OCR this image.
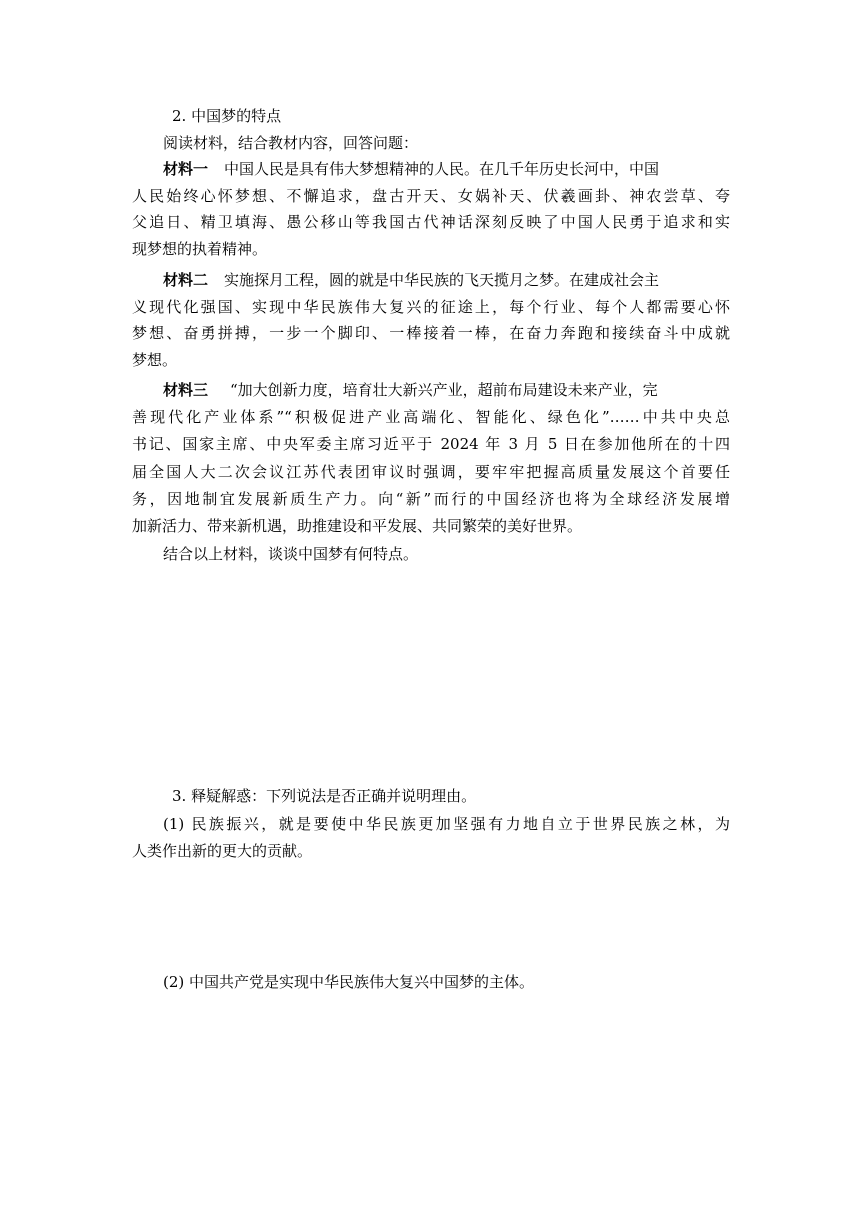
2. 中国梦的特点
阅读材料，结合教材内容，回答问题：
材料一 中国人民是具有伟大梦想精神的人民。在几千年历史长河中，中国
人民始终心怀梦想、不懈追求，盘古开天、女娲补天、伏羲画卦、神农尝草、夸
父追日、精卫填海、愚公移山等我国古代神话深刻反映了中国人民勇于追求和实
现梦想的执着精神。
材料二 实施探月工程，圆的就是中华民族的飞天揽月之梦。在建成社会主
义现代化强国、实现中华民族伟大复兴的征途上，每个行业、每个人都需要心怀
梦想、奋勇拼搏，一步一个脚印、一棒接着一棒，在奋力奔跑和接续奋斗中成就
梦想。
材料三 “加大创新力度，培育壮大新兴产业，超前布局建设未来产业，完
善现代化产业体系”“积极促进产业高端化、智能化、绿色化”……中共中央总
书记、国家主席、中央军委主席习近平于 2024 年 3 月 5 日在参加他所在的十四
届全国人大二次会议江苏代表团审议时强调，要牢牢把握高质量发展这个首要任
务，因地制宜发展新质生产力。向“新”而行的中国经济也将为全球经济发展增
加新活力、带来新机遇，助推建设和平发展、共同繁荣的美好世界。
结合以上材料，谈谈中国梦有何特点。
3. 释疑解惑：下列说法是否正确并说明理由。
(1) 民族振兴，就是要使中华民族更加坚强有力地自立于世界民族之林，为
人类作出新的更大的贡献。
(2) 中国共产党是实现中华民族伟大复兴中国梦的主体。
